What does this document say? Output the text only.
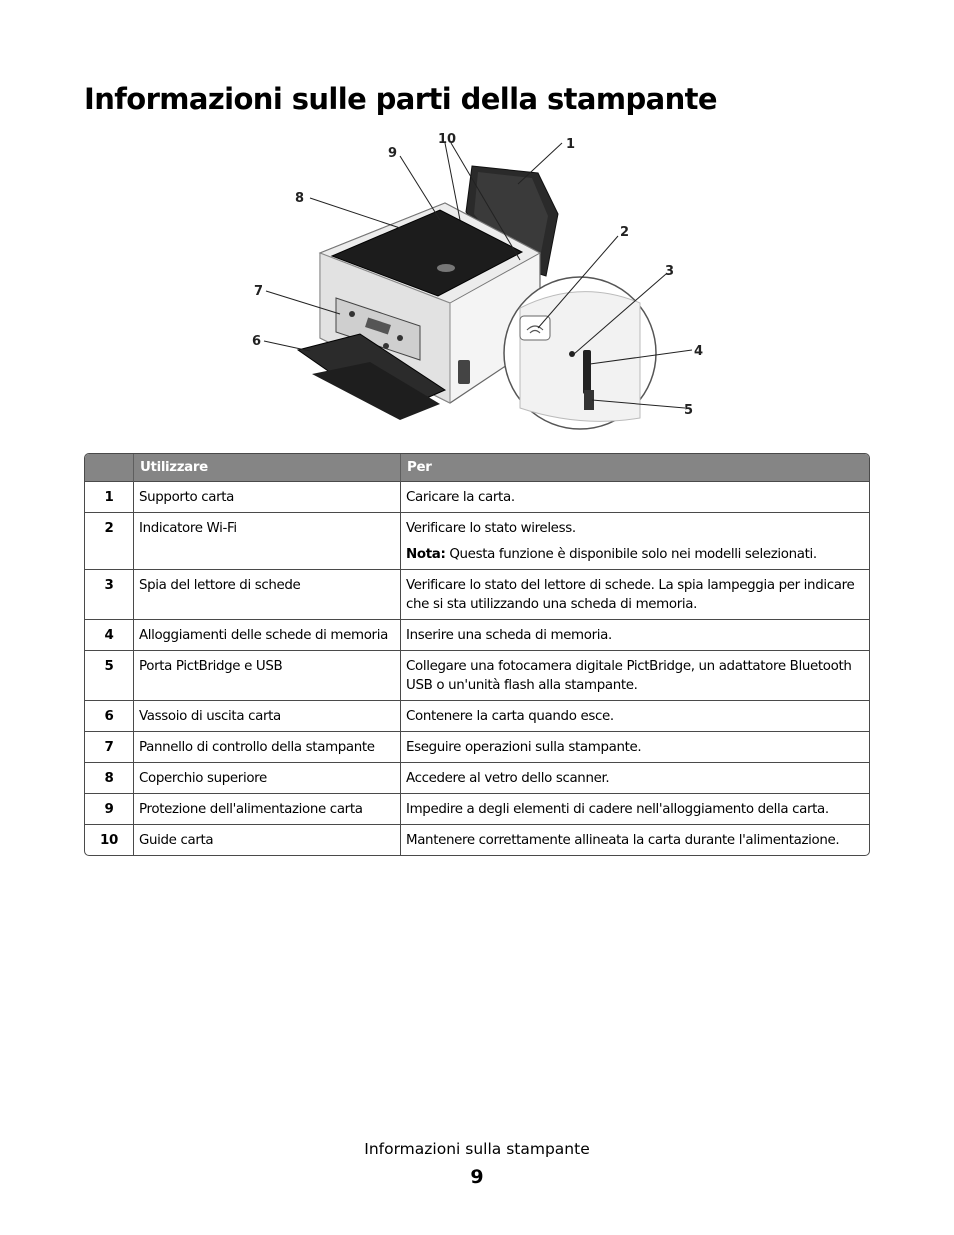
Informazioni sulle parti della stampante
1
2
3
4
5
6
7
8
9
10
	Utilizzare	Per
1	Supporto carta	Caricare la carta.
2	Indicatore Wi-Fi	Verificare lo stato wireless.
Nota: Questa funzione è disponibile solo nei modelli selezionati.

3	Spia del lettore di schede	Verificare lo stato del lettore di schede. La spia lampeggia per indicare che si sta utilizzando una scheda di memoria.
4	Alloggiamenti delle schede di memoria	Inserire una scheda di memoria.
5	Porta PictBridge e USB	Collegare una fotocamera digitale PictBridge, un adattatore Bluetooth USB o un'unità flash alla stampante.
6	Vassoio di uscita carta	Contenere la carta quando esce.
7	Pannello di controllo della stampante	Eseguire operazioni sulla stampante.
8	Coperchio superiore	Accedere al vetro dello scanner.
9	Protezione dell'alimentazione carta	Impedire a degli elementi di cadere nell'alloggiamento della carta.
10	Guide carta	Mantenere correttamente allineata la carta durante l'alimentazione.
Informazioni sulla stampante
9
